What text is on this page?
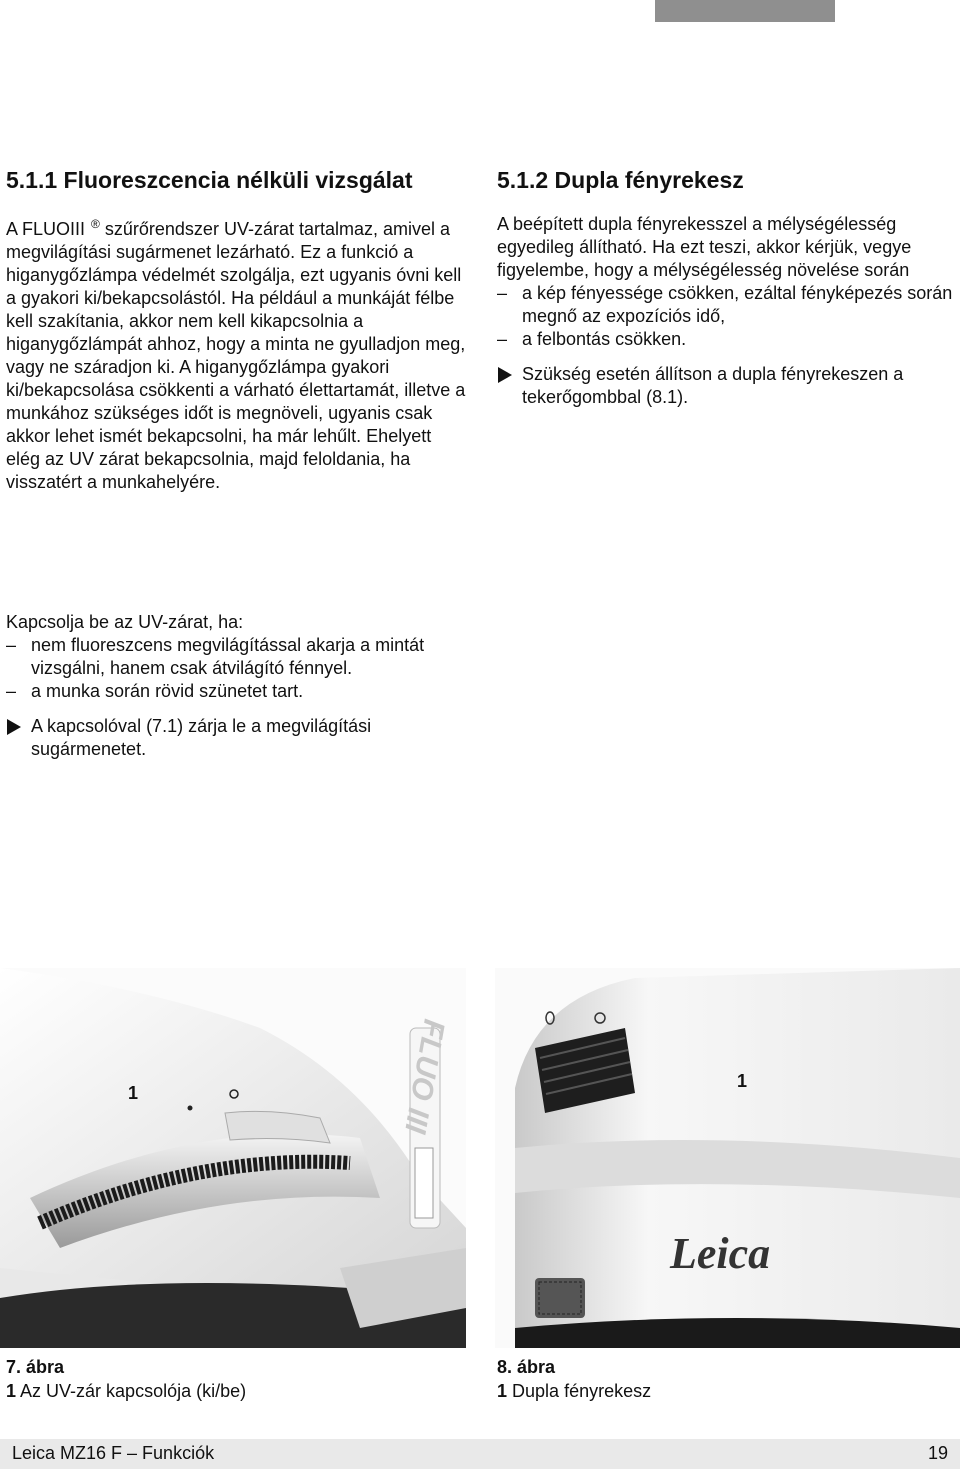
5.1.1 Fluoreszcencia nélküli vizsgálat

A FLUOIII ® szűrőrendszer UV-zárat tartalmaz, amivel a megvilágítási sugármenet lezárható. Ez a funkció a higanygőzlámpa védelmét szolgálja, ezt ugyanis óvni kell a gyakori ki/bekapcsolástól. Ha például a munkáját félbe kell szakítania, akkor nem kell kikapcsolnia a higanygőzlámpát ahhoz, hogy a minta ne gyulladjon meg, vagy ne száradjon ki. A higanygőzlámpa gyakori ki/bekapcsolása csökkenti a várható élettartamát, illetve a munkához szükséges időt is megnöveli, ugyanis csak akkor lehet ismét bekapcsolni, ha már lehűlt. Ehelyett elég az UV zárat bekapcsolnia, majd feloldania, ha visszatért a munkahelyére.

Kapcsolja be az UV-zárat, ha:

– nem fluoreszcens megvilágítással akarja a mintát vizsgálni, hanem csak átvilágító fénnyel.
– a munka során rövid szünetet tart.
A kapcsolóval (7.1) zárja le a megvilágítási sugármenetet.
5.1.2 Dupla fényrekesz

A beépített dupla fényrekesszel a mélységélesség egyedileg állítható. Ha ezt teszi, akkor kérjük, vegye figyelembe, hogy a mélységélesség növelése során

– a kép fényessége csökken, ezáltal fényképezés során megnő az expozíciós idő,
– a felbontás csökken.
Szükség esetén állítson a dupla fényrekeszen a tekerőgombbal (8.1).
FLUO III
1
Leica
1
7. ábra
1 Az UV-zár kapcsolója (ki/be)
8. ábra
1 Dupla fényrekesz
Leica MZ16 F – Funkciók	19
